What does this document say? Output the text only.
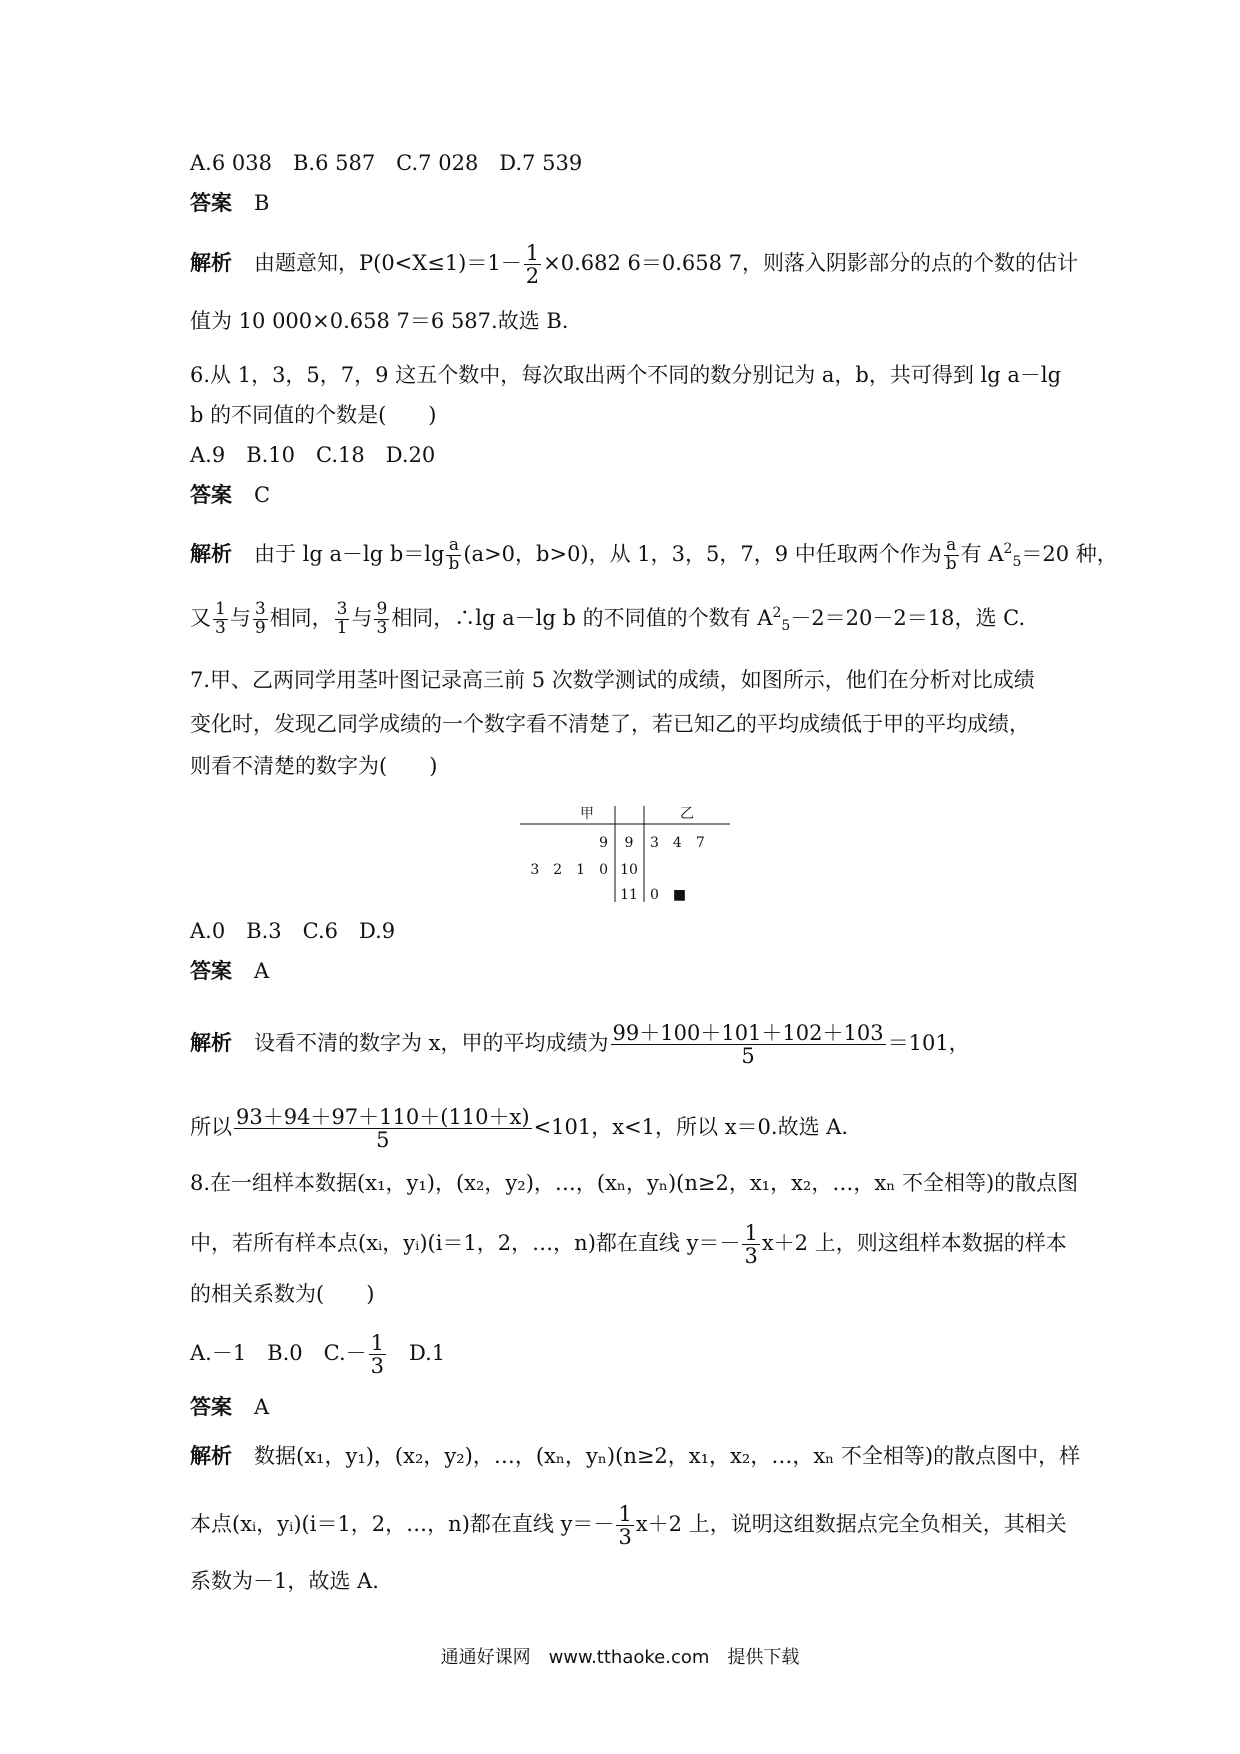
A.6 038　B.6 587　C.7 028　D.7 539
答案 B
解析 由题意知，$P(0<X\le 1)=1- \frac{1}{2} \times 0.682$ 6＝0.658 7，则落入阴影部分的点的个数的估计
值为 10 000×0.658 7＝6 587.故选 B.
6.从 1，3，5，7，9 这五个数中，每次取出两个不同的数分别记为 a，b，共可得到 lg a－lg
b 的不同值的个数是(　　)
A.9　B.10　C.18　D.20
答案 C
解析 由于 lg a－lg $b=\lg \frac{a}{b} (a>0$，b>0)，从 1，3，5，7，9 中任取两个作为 $\frac{a}{b}$ 有 $A^2_5=20$ 种，
又 $\frac{1}{3}$ 与 $\frac{3}{9}$ 相同， $\frac{3}{1}$ 与 $\frac{9}{3}$ 相同，∴lg a－lg b 的不同值的个数有 $A^2_5-2=20-2=18$，选 C.
7.甲、乙两同学用茎叶图记录高三前 5 次数学测试的成绩，如图所示，他们在分析对比成绩
变化时，发现乙同学成绩的一个数字看不清楚了，若已知乙的平均成绩低于甲的平均成绩，
则看不清楚的数字为(　　)
甲	乙
9 9 3　4　7
3　2　1　0 10
11 0　■
A.0　B.3　C.6　D.9
答案 A
解析 设看不清的数字为 x，甲的平均成绩为 $\frac{99+100+101+102+103}{5} =101$，
所以 $\frac{93+94+97+110+(110+x)}{5} <101$，x<1，所以 x＝0.故选 A.
8.在一组样本数据(x₁，y₁)，(x₂，y₂)，…，(xₙ，yₙ)(n≥2，x₁，x₂，…，xₙ 不全相等)的散点图
中，若所有样本点(xᵢ，yᵢ)(i＝1，2，…，n)都在直线 $y=- \frac{1}{3} x+2$ 上，则这组样本数据的样本
的相关系数为(　　)
A.－1　B.0　$C.- \frac{1}{3}$ 　D.1
答案 A
解析 数据(x₁，y₁)，(x₂，y₂)，…，(xₙ，yₙ)(n≥2，x₁，x₂，…，xₙ 不全相等)的散点图中，样
本点(xᵢ，yᵢ)(i＝1，2，…，n)都在直线 $y=- \frac{1}{3} x+2$ 上，说明这组数据点完全负相关，其相关
系数为－1，故选 A.
通通好课网　www.tthaoke.com　提供下载
